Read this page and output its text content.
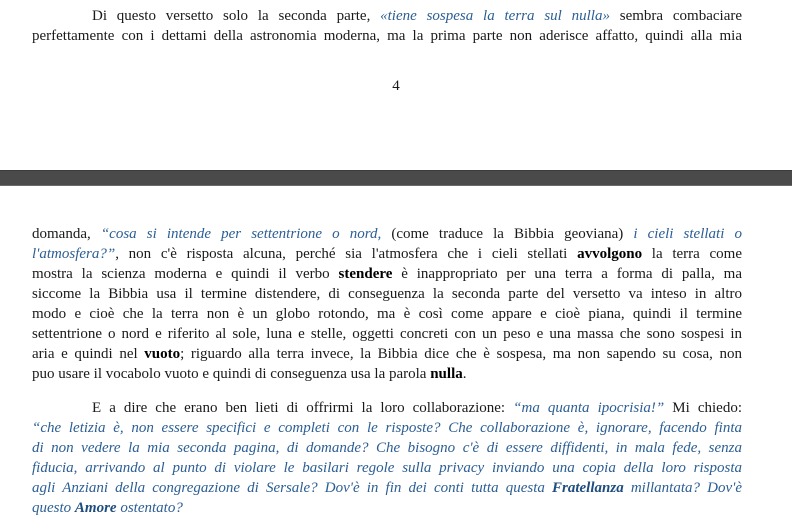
Di questo versetto solo la seconda parte, «tiene sospesa la terra sul nulla» sembra combaciare
perfettamente con i dettami della astronomia moderna, ma la prima parte non aderisce affatto, quindi alla mia
4
domanda, “cosa si intende per settentrione o nord, (come traduce la Bibbia geoviana) i cieli stellati o
l'atmosfera?”, non c'è risposta alcuna, perché sia l'atmosfera che i cieli stellati avvolgono la terra come
mostra la scienza moderna e quindi il verbo stendere è inappropriato per una terra a forma di palla, ma
siccome la Bibbia usa il termine distendere, di conseguenza la seconda parte del versetto va inteso in altro
modo e cioè che la terra non è un globo rotondo, ma è così come appare e cioè piana, quindi il termine
settentrione o nord e riferito al sole, luna e stelle, oggetti concreti con un peso e una massa che sono sospesi in
aria e quindi nel vuoto; riguardo alla terra invece, la Bibbia dice che è sospesa, ma non sapendo su cosa, non
puo usare il vocabolo vuoto e quindi di conseguenza usa la parola nulla.
E a dire che erano ben lieti di offrirmi la loro collaborazione: “ma quanta ipocrisia!” Mi chiedo:
“che letizia è, non essere specifici e completi con le risposte? Che collaborazione è, ignorare, facendo finta
di non vedere la mia seconda pagina, di domande? Che bisogno c'è di essere diffidenti, in mala fede, senza
fiducia, arrivando al punto di violare le basilari regole sulla privacy inviando una copia della loro risposta
agli Anziani della congregazione di Sersale? Dov'è in fin dei conti tutta questa Fratellanza millantata? Dov'è
questo Amore ostentato?
